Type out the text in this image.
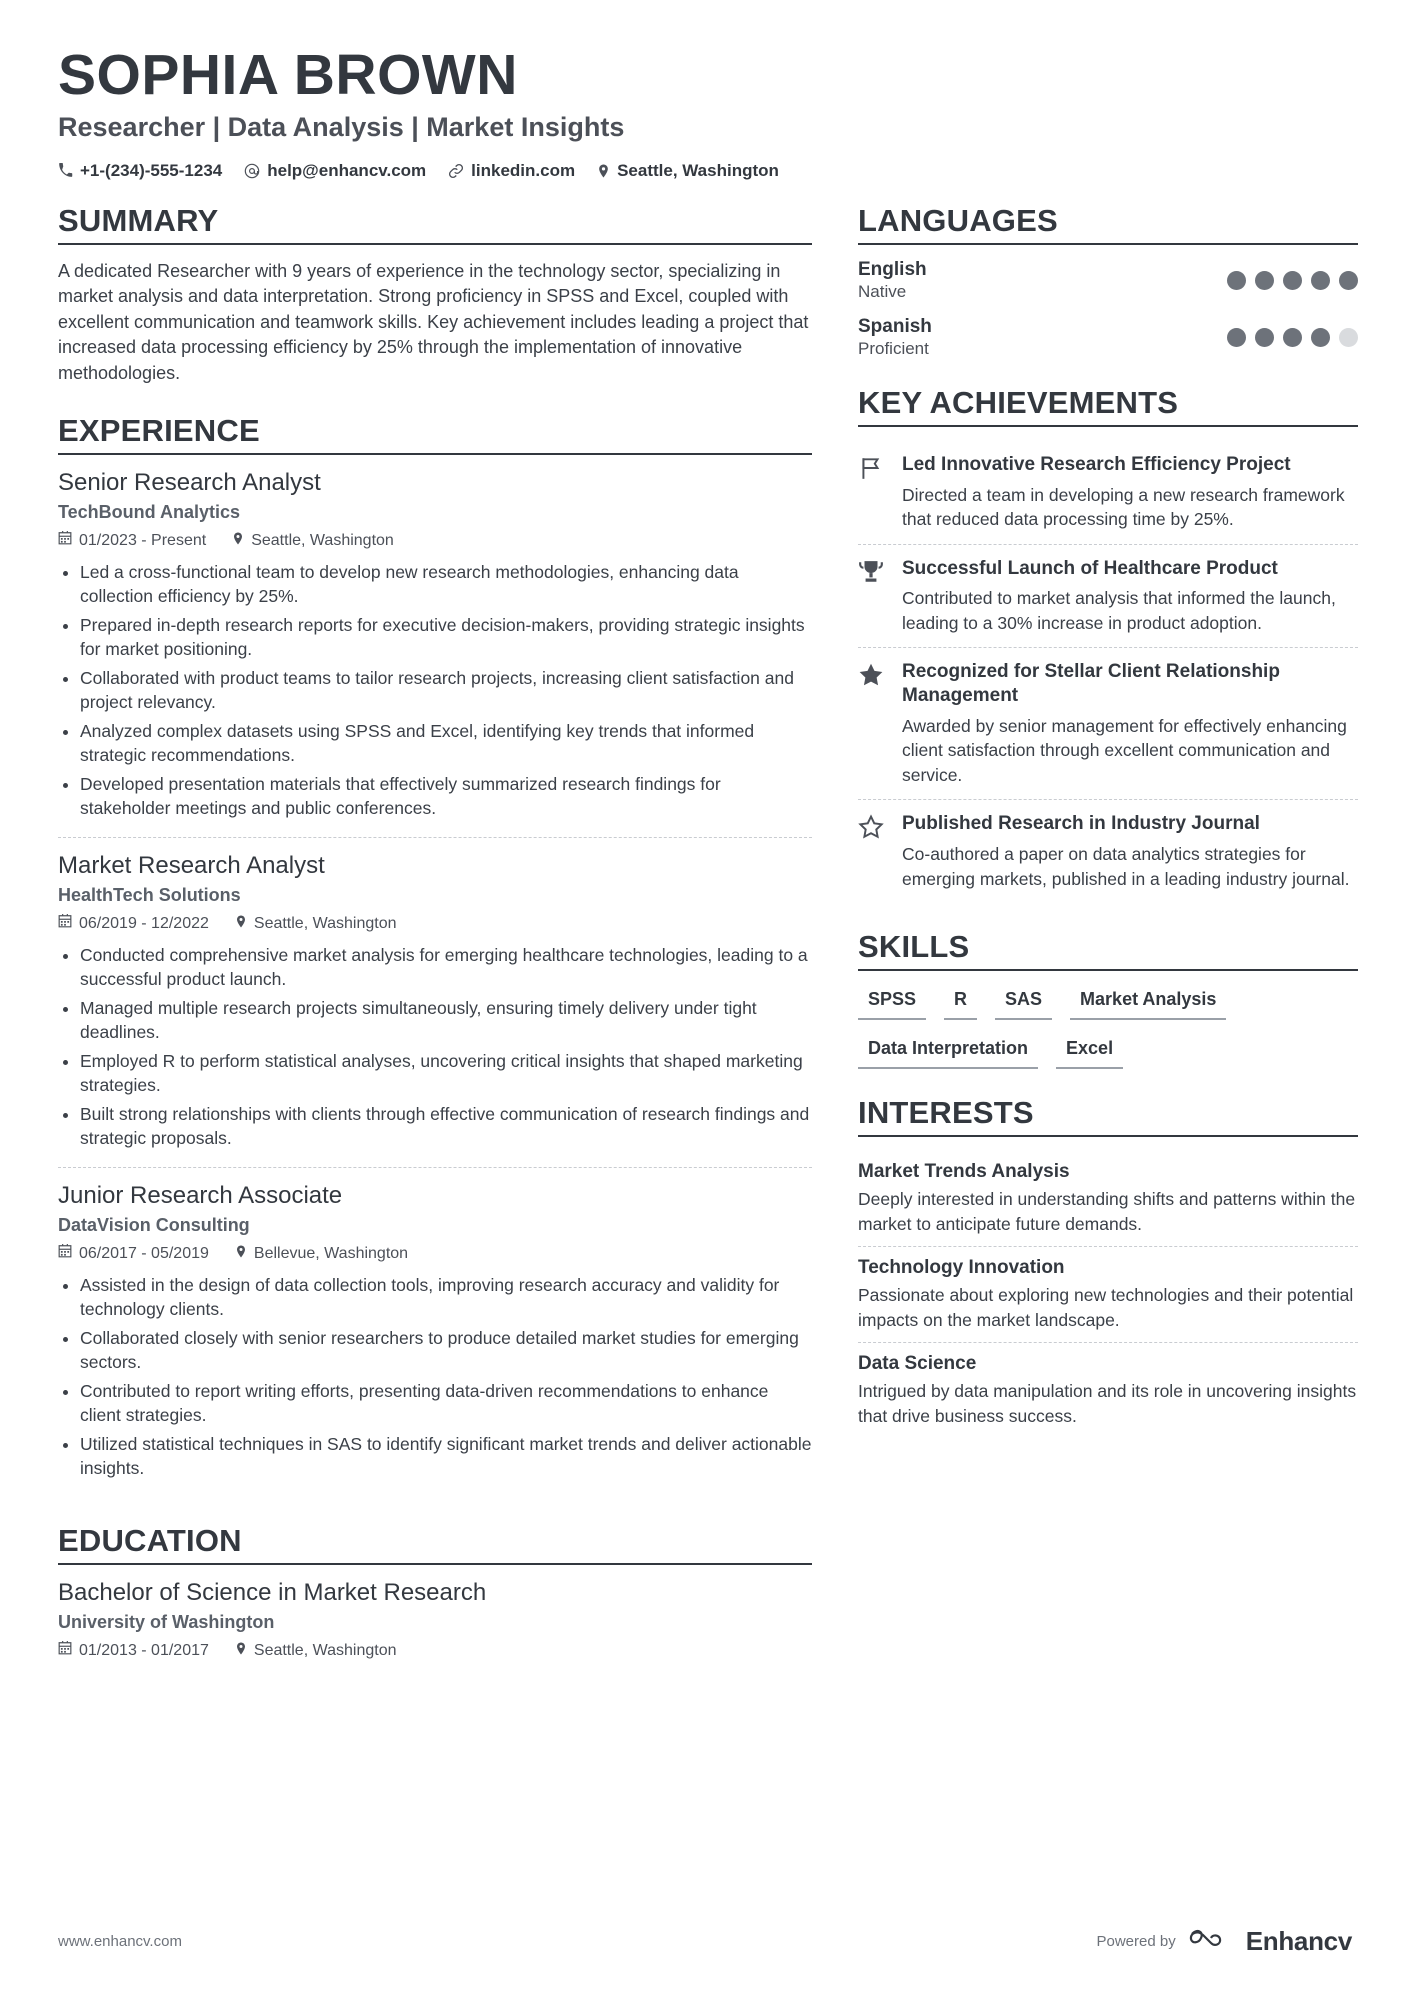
SOPHIA BROWN
Researcher | Data Analysis | Market Insights
+1-(234)-555-1234	help@enhancv.com	linkedin.com Seattle, Washington
SUMMARY
A dedicated Researcher with 9 years of experience in the technology sector, specializing in market analysis and data interpretation. Strong proficiency in SPSS and Excel, coupled with excellent communication and teamwork skills. Key achievement includes leading a project that increased data processing efficiency by 25% through the implementation of innovative methodologies.
EXPERIENCE
Senior Research Analyst
TechBound Analytics
01/2023 - Present	Seattle, Washington
• Led a cross-functional team to develop new research methodologies, enhancing data collection efficiency by 25%.
• Prepared in-depth research reports for executive decision-makers, providing strategic insights for market positioning.
• Collaborated with product teams to tailor research projects, increasing client satisfaction and project relevancy.
• Analyzed complex datasets using SPSS and Excel, identifying key trends that informed strategic recommendations.
• Developed presentation materials that effectively summarized research findings for stakeholder meetings and public conferences.
Market Research Analyst
HealthTech Solutions
06/2019 - 12/2022	Seattle, Washington
• Conducted comprehensive market analysis for emerging healthcare technologies, leading to a successful product launch.
• Managed multiple research projects simultaneously, ensuring timely delivery under tight deadlines.
• Employed R to perform statistical analyses, uncovering critical insights that shaped marketing strategies.
• Built strong relationships with clients through effective communication of research findings and strategic proposals.
Junior Research Associate
DataVision Consulting
06/2017 - 05/2019	Bellevue, Washington
• Assisted in the design of data collection tools, improving research accuracy and validity for technology clients.
• Collaborated closely with senior researchers to produce detailed market studies for emerging sectors.
• Contributed to report writing efforts, presenting data-driven recommendations to enhance client strategies.
• Utilized statistical techniques in SAS to identify significant market trends and deliver actionable insights.
EDUCATION
Bachelor of Science in Market Research
University of Washington
01/2013 - 01/2017	Seattle, Washington
LANGUAGES
English
Native
Spanish
Proficient
KEY ACHIEVEMENTS
Led Innovative Research Efficiency Project
Directed a team in developing a new research framework that reduced data processing time by 25%.
Successful Launch of Healthcare Product
Contributed to market analysis that informed the launch, leading to a 30% increase in product adoption.
Recognized for Stellar Client Relationship Management
Awarded by senior management for effectively enhancing client satisfaction through excellent communication and service.
Published Research in Industry Journal
Co-authored a paper on data analytics strategies for emerging markets, published in a leading industry journal.
SKILLS
SPSS	R	SAS	Market Analysis
Data Interpretation	Excel
INTERESTS
Market Trends Analysis
Deeply interested in understanding shifts and patterns within the market to anticipate future demands.
Technology Innovation
Passionate about exploring new technologies and their potential impacts on the market landscape.
Data Science
Intrigued by data manipulation and its role in uncovering insights that drive business success.
www.enhancv.com	Powered by	Enhancv
